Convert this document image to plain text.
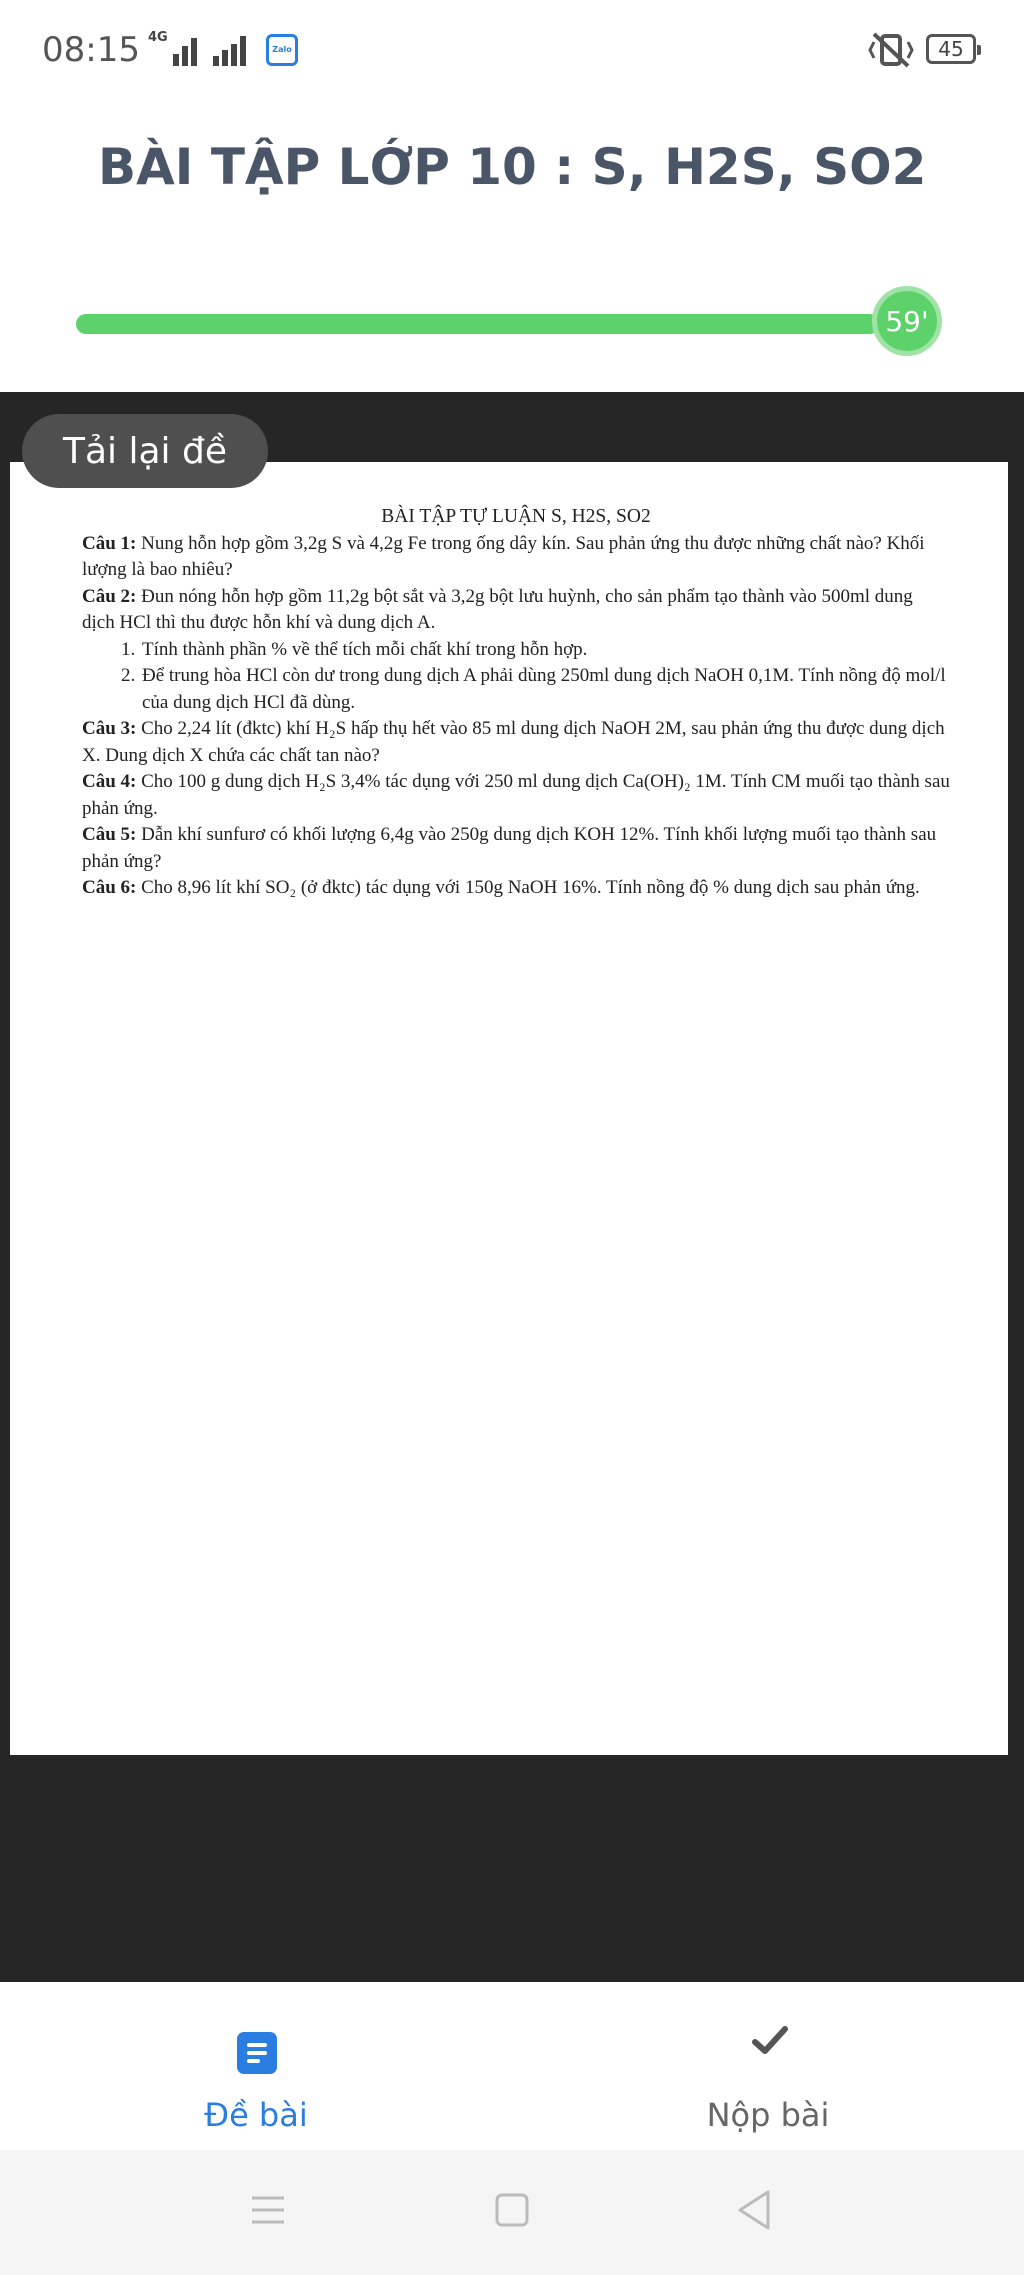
08:15 4G
Zalo	45
BÀI TẬP LỚP 10 : S, H2S, SO2
59'
Tải lại đề

BÀI TẬP TỰ LUẬN S, H2S, SO2

Câu 1: Nung hỗn hợp gồm 3,2g S và 4,2g Fe trong ống dây kín. Sau phản ứng thu được những chất nào? Khối lượng là bao nhiêu?

Câu 2: Đun nóng hỗn hợp gồm 11,2g bột sắt và 3,2g bột lưu huỳnh, cho sản phẩm tạo thành vào 500ml dung dịch HCl thì thu được hỗn khí và dung dịch A.

1. Tính thành phần % về thể tích mỗi chất khí trong hỗn hợp.
2. Để trung hòa HCl còn dư trong dung dịch A phải dùng 250ml dung dịch NaOH 0,1M. Tính nồng độ mol/l của dung dịch HCl đã dùng.

Câu 3: Cho 2,24 lít (đktc) khí H₂S hấp thụ hết vào 85 ml dung dịch NaOH 2M, sau phản ứng thu được dung dịch X. Dung dịch X chứa các chất tan nào?

Câu 4: Cho 100 g dung dịch H₂S 3,4% tác dụng với 250 ml dung dịch Ca(OH)₂ 1M. Tính CM muối tạo thành sau phản ứng.

Câu 5: Dẫn khí sunfurơ có khối lượng 6,4g vào 250g dung dịch KOH 12%. Tính khối lượng muối tạo thành sau phản ứng?

Câu 6: Cho 8,96 lít khí SO₂ (ở đktc) tác dụng với 150g NaOH 16%. Tính nồng độ % dung dịch sau phản ứng.

Đề bài	Nộp bài
